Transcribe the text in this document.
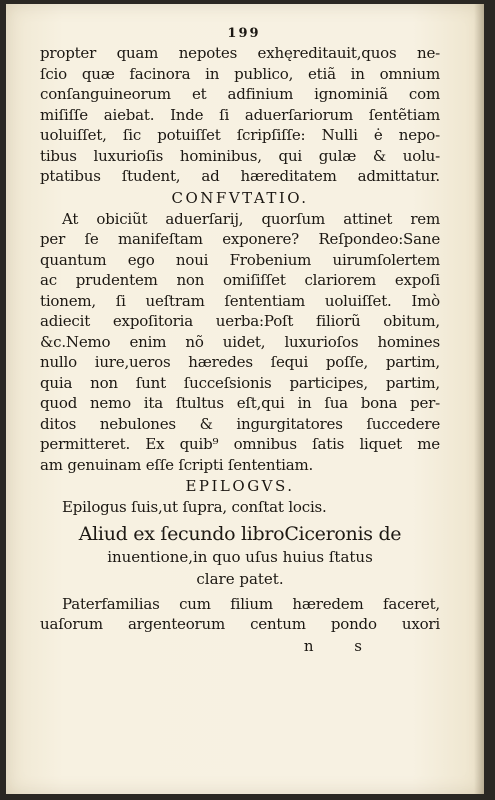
199
propter quam nepotes exhęreditauit,quos ne-
ſcio quæ facinora in publico, etiã in omnium
conſanguineorum et adfinium ignominiã com
miſiſſe aiebat. Inde ſi aduerſariorum ſentẽtiam
uoluiſſet, ſic potuiſſet ſcripſiſſe: Nulli ė nepo-
tibus luxurioſis hominibus, qui gulæ & uolu-
ptatibus ſtudent, ad hæreditatem admittatur.
CONFVTATIO.
At obiciũt aduerſarij, quorſum attinet rem
per ſe manifeſtam exponere? Reſpondeo:Sane
quantum ego noui Frobenium uirumſolertem
ac prudentem non omiſiſſet clariorem expoſi
tionem, ſi ueſtram ſententiam uoluiſſet. Imò
adiecit expoſitoria uerba:Poſt filiorũ obitum,
&c.Nemo enim nõ uidet, luxurioſos homines
nullo iure,ueros hæredes ſequi poſſe, partim,
quia non ſunt ſucceſsionis participes, partim,
quod nemo ita ſtultus eſt,qui in ſua bona per-
ditos nebulones & ingurgitatores ſuccedere
permitteret. Ex quib⁹ omnibus ſatis liquet me
am genuinam eſſe ſcripti ſententiam.
EPILOGVS.
Epilogus ſuis,ut ſupra, conſtat locis.
Aliud ex ſecundo libroCiceronis de
inuentione,in quo uſus huius ſtatus
clare patet.
Paterfamilias cum filium hæredem faceret,
uaſorum argenteorum centum pondo uxori
n s
